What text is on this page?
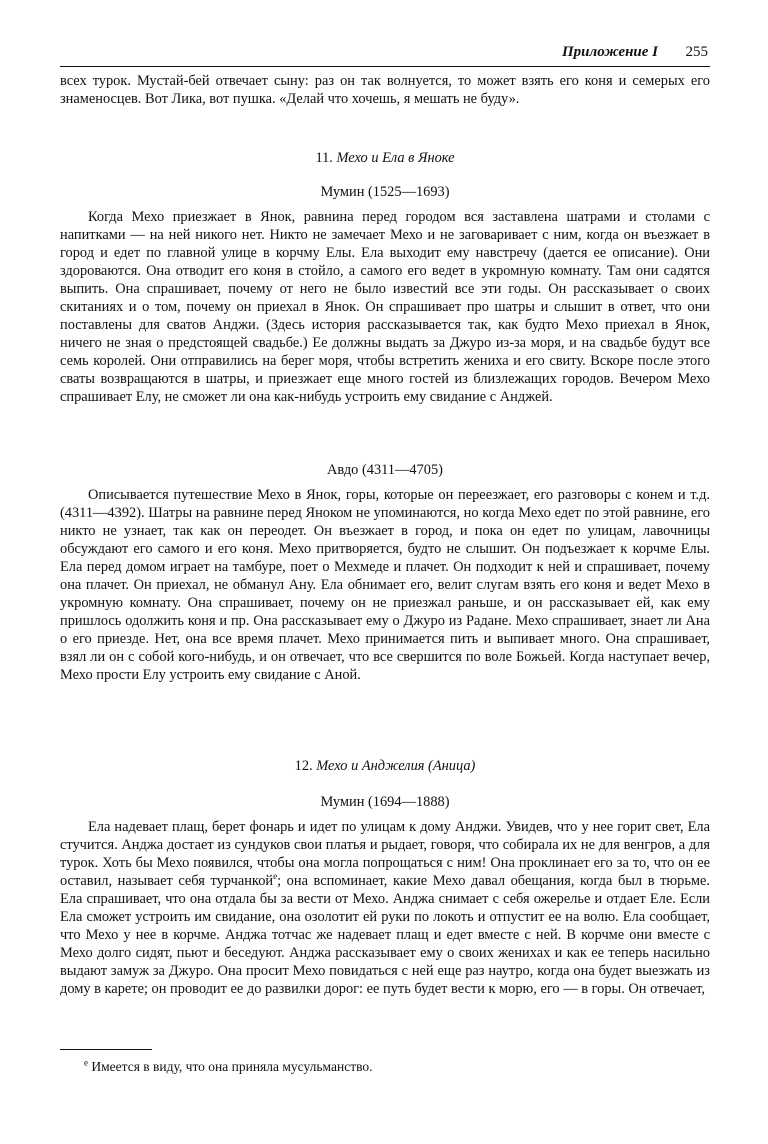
Приложение I 255

всех турок. Мустай-бей отвечает сыну: раз он так волнуется, то может взять его коня и семерых его знаменосцев. Вот Лика, вот пушка. «Делай что хочешь, я мешать не буду».

11. Мехо и Ела в Яноке
Мумин (1525—1693)

Когда Мехо приезжает в Янок, равнина перед городом вся заставлена шатрами и столами с напитками — на ней никого нет. Никто не замечает Мехо и не заговаривает с ним, когда он въезжает в город и едет по главной улице в корчму Елы. Ела выходит ему навстречу (дается ее описание). Они здороваются. Она отводит его коня в стойло, а самого его ведет в укромную комнату. Там они садятся выпить. Она спрашивает, почему от него не было известий все эти годы. Он рассказывает о своих скитаниях и о том, почему он приехал в Янок. Он спрашивает про шатры и слышит в ответ, что они поставлены для сватов Анджи. (Здесь история рассказывается так, как будто Мехо приехал в Янок, ничего не зная о предстоящей свадьбе.) Ее должны выдать за Джуро из-за моря, и на свадьбе будут все семь королей. Они отправились на берег моря, чтобы встретить жениха и его свиту. Вскоре после этого сваты возвращаются в шатры, и приезжает еще много гостей из близлежащих городов. Вечером Мехо спрашивает Елу, не сможет ли она как-нибудь устроить ему свидание с Анджей.

Авдо (4311—4705)

Описывается путешествие Мехо в Янок, горы, которые он переезжает, его разговоры с конем и т.д. (4311—4392). Шатры на равнине перед Яноком не упоминаются, но когда Мехо едет по этой равнине, его никто не узнает, так как он переодет. Он въезжает в город, и пока он едет по улицам, лавочницы обсуждают его самого и его коня. Мехо притворяется, будто не слышит. Он подъезжает к корчме Елы. Ела перед домом играет на тамбуре, поет о Мехмеде и плачет. Он подходит к ней и спрашивает, почему она плачет. Он приехал, не обманул Ану. Ела обнимает его, велит слугам взять его коня и ведет Мехо в укромную комнату. Она спрашивает, почему он не приезжал раньше, и он рассказывает ей, как ему пришлось одолжить коня и пр. Она рассказывает ему о Джуро из Радане. Мехо спрашивает, знает ли Ана о его приезде. Нет, она все время плачет. Мехо принимается пить и выпивает много. Она спрашивает, взял ли он с собой кого-нибудь, и он отвечает, что все свершится по воле Божьей. Когда наступает вечер, Мехо прости Елу устроить ему свидание с Аной.

12. Мехо и Анджелия (Аница)
Мумин (1694—1888)

Ела надевает плащ, берет фонарь и идет по улицам к дому Анджи. Увидев, что у нее горит свет, Ела стучится. Анджа достает из сундуков свои платья и рыдает, говоря, что собирала их не для венгров, а для турок. Хоть бы Мехо появился, чтобы она могла попрощаться с ним! Она проклинает его за то, что он ее оставил, называет себя турчанкой$^e$; она вспоминает, какие Мехо давал обещания, когда был в тюрьме. Ела спрашивает, что она отдала бы за вести от Мехо. Анджа снимает с себя ожерелье и отдает Еле. Если Ела сможет устроить им свидание, она озолотит ей руки по локоть и отпустит ее на волю. Ела сообщает, что Мехо у нее в корчме. Анджа тотчас же надевает плащ и едет вместе с ней. В корчме они вместе с Мехо долго сидят, пьют и беседуют. Анджа рассказывает ему о своих женихах и как ее теперь насильно выдают замуж за Джуро. Она просит Мехо повидаться с ней еще раз наутро, когда она будет выезжать из дому в карете; он проводит ее до развилки дорог: ее путь будет вести к морю, его — в горы. Он отвечает,

$^e$ Имеется в виду, что она приняла мусульманство.
